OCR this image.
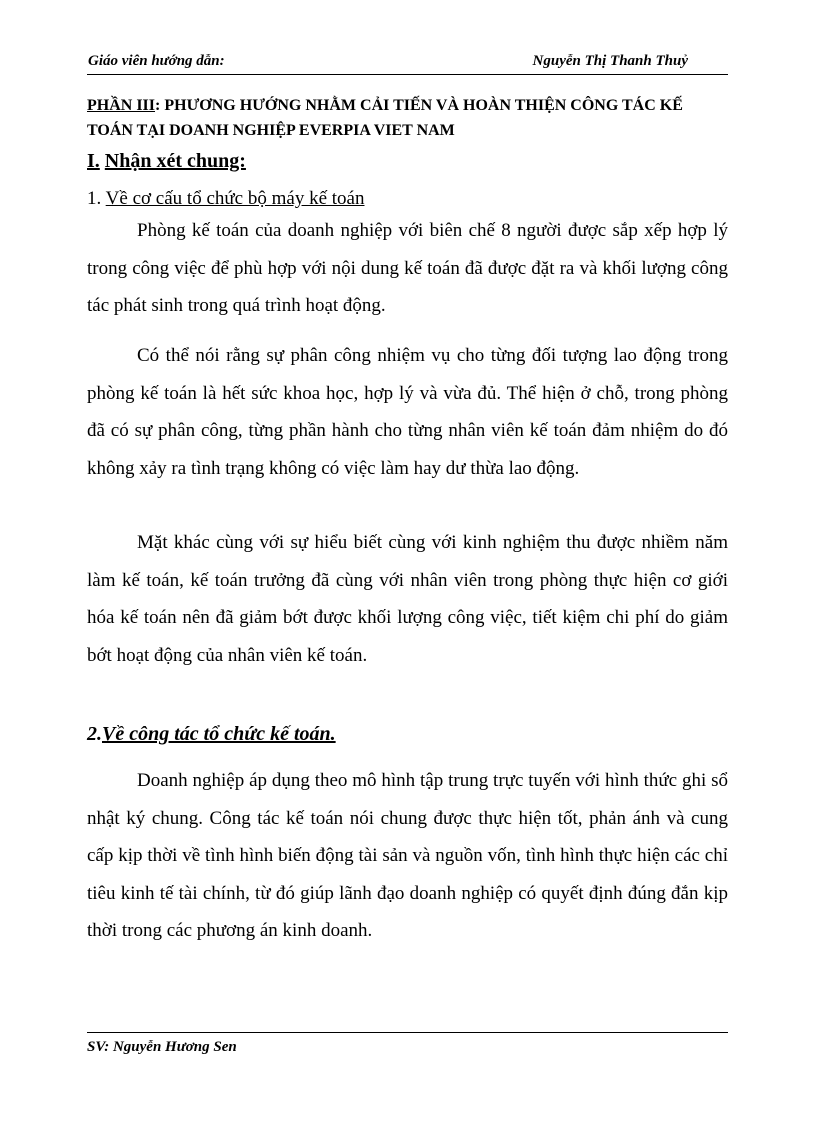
Giáo viên hướng dẫn:	Nguyễn Thị Thanh Thuỷ

PHẦN III: PHƯƠNG HƯỚNG NHẰM CẢI TIẾN VÀ HOÀN THIỆN CÔNG TÁC KẾ TOÁN TẠI DOANH NGHIỆP EVERPIA VIET NAM

I. Nhận xét chung:

1. Về cơ cấu tổ chức bộ máy kế toán

Phòng kế toán của doanh nghiệp với biên chế 8 người được sắp xếp hợp lý trong công việc để phù hợp với nội dung kế toán đã được đặt ra và khối lượng công tác phát sinh trong quá trình hoạt động.

Có thể nói rằng sự phân công nhiệm vụ cho từng đối tượng lao động trong phòng kế toán là hết sức khoa học, hợp lý và vừa đủ. Thể hiện ở chỗ, trong phòng đã có sự phân công, từng phần hành cho từng nhân viên kế toán đảm nhiệm do đó không xảy ra tình trạng không có việc làm hay dư thừa lao động.

Mặt khác cùng với sự hiểu biết cùng với kinh nghiệm thu được nhiềm năm làm kế toán, kế toán trưởng đã cùng với nhân viên trong phòng thực hiện cơ giới hóa kế toán nên đã giảm bớt được khối lượng công việc, tiết kiệm chi phí do giảm bớt hoạt động của nhân viên kế toán.

2.Về công tác tổ chức kế toán.

Doanh nghiệp áp dụng theo mô hình tập trung trực tuyến với hình thức ghi sổ nhật ký chung. Công tác kế toán nói chung được thực hiện tốt, phản ánh và cung cấp kịp thời về tình hình biến động tài sản và nguồn vốn, tình hình thực hiện các chỉ tiêu kinh tế tài chính, từ đó giúp lãnh đạo doanh nghiệp có quyết định đúng đắn kịp thời trong các phương án kinh doanh.

SV: Nguyễn Hương Sen
